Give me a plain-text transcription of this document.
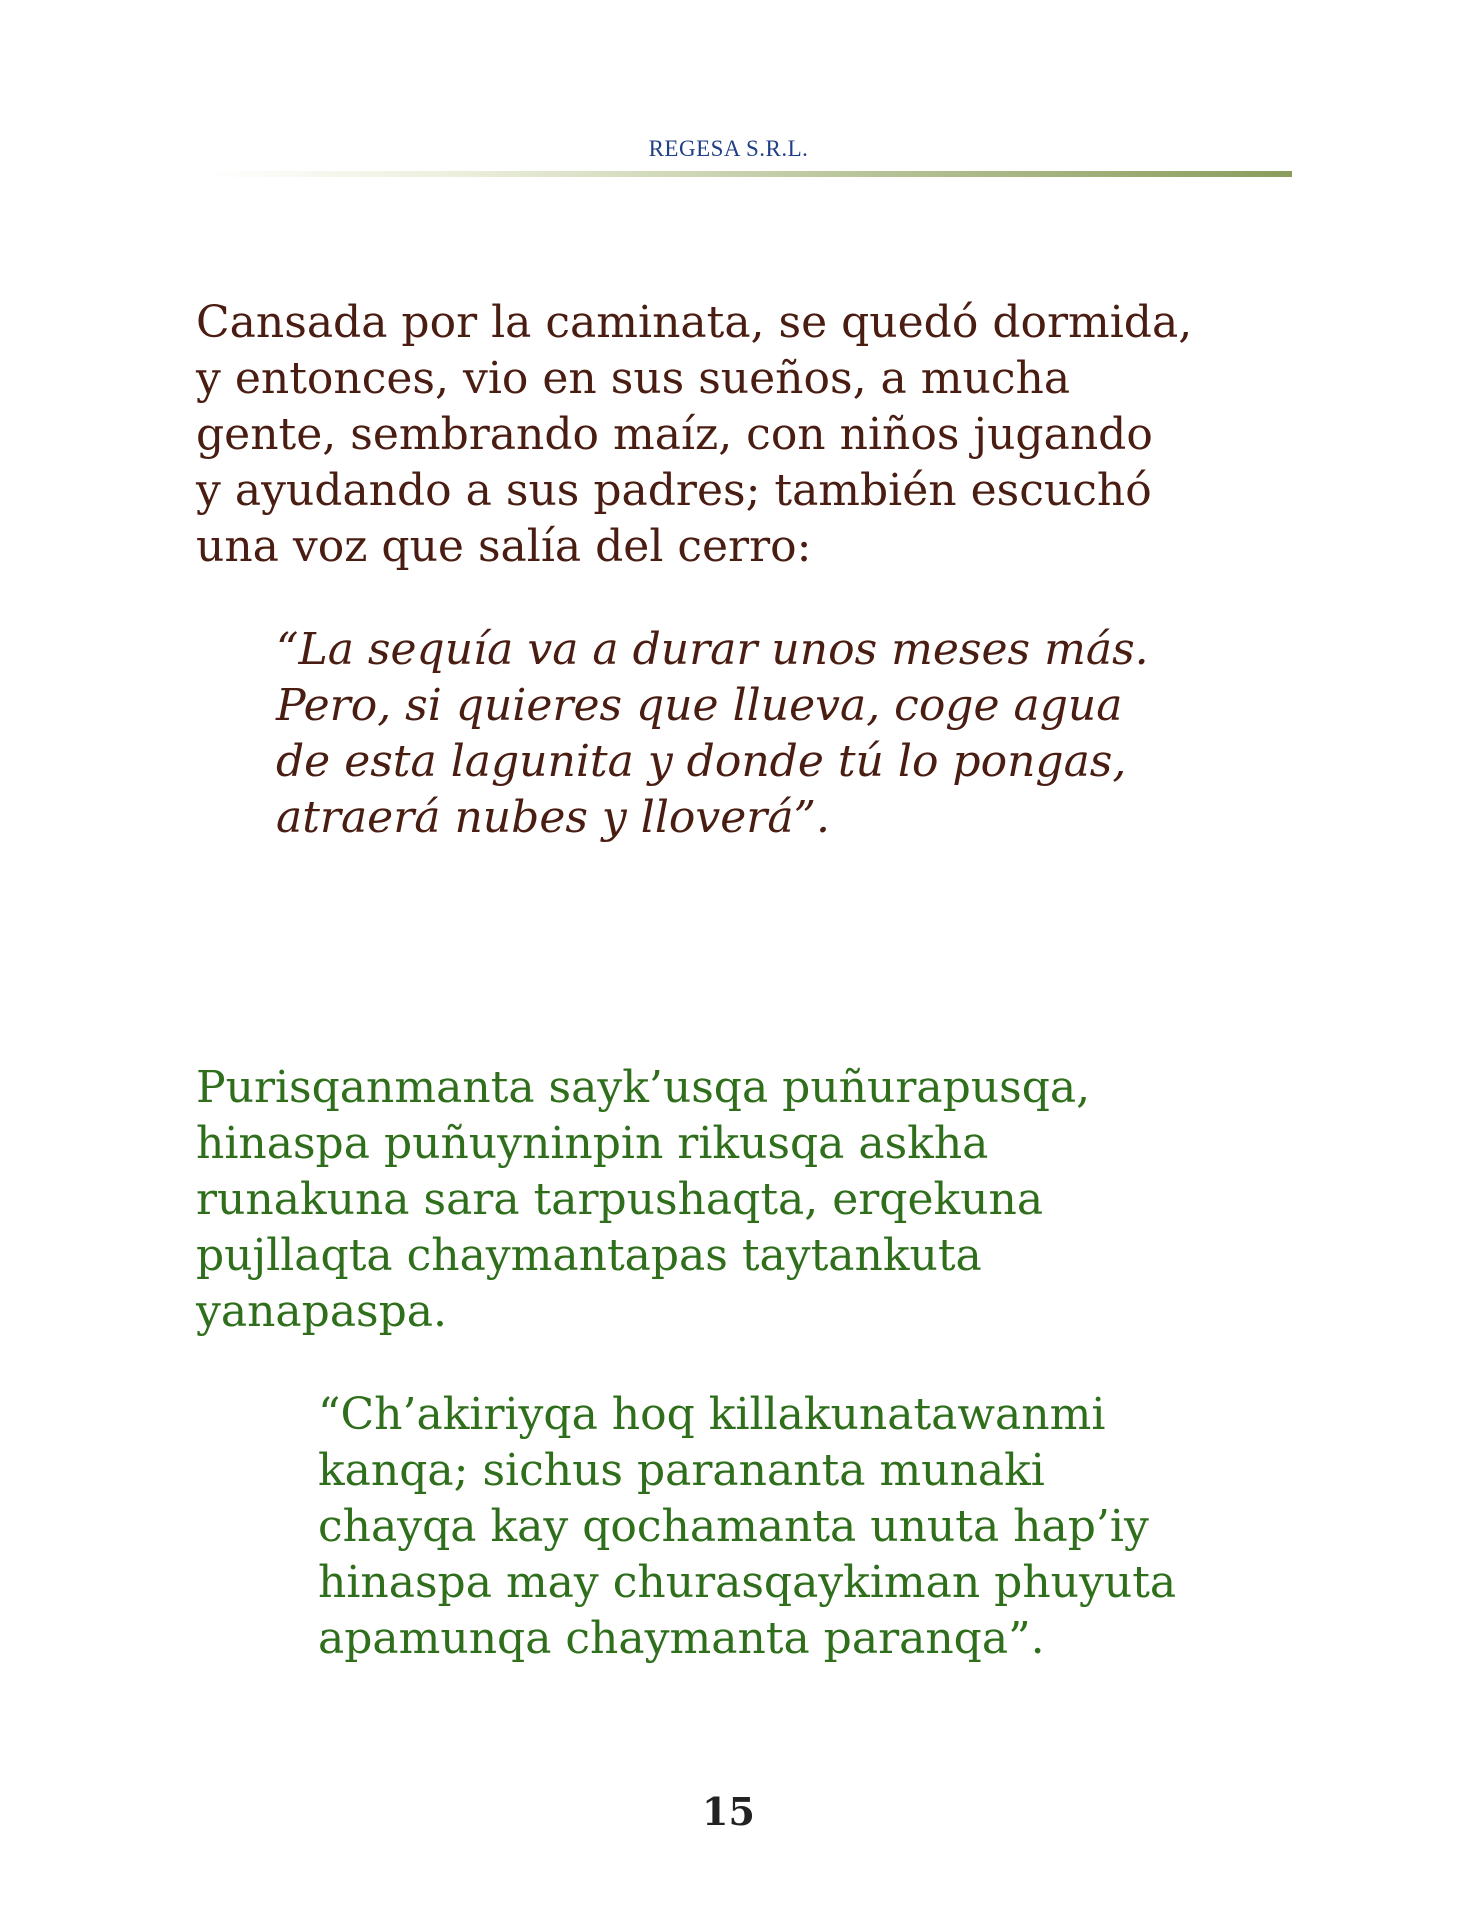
REGESA S.R.L.
Cansada por la caminata, se quedó dormida,
y entonces, vio en sus sueños, a mucha
gente, sembrando maíz, con niños jugando
y ayudando a sus padres; también escuchó
una voz que salía del cerro:
“La sequía va a durar unos meses más.
Pero, si quieres que llueva, coge agua
de esta lagunita y donde tú lo pongas,
atraerá nubes y lloverá”.
Purisqanmanta sayk’usqa puñurapusqa,
hinaspa puñuyninpin rikusqa askha
runakuna sara tarpushaqta, erqekuna
pujllaqta chaymantapas taytankuta
yanapaspa.
“Ch’akiriyqa hoq killakunatawanmi
kanqa; sichus parananta munaki
chayqa kay qochamanta unuta hap’iy
hinaspa may churasqaykiman phuyuta
apamunqa chaymanta paranqa”.
15
